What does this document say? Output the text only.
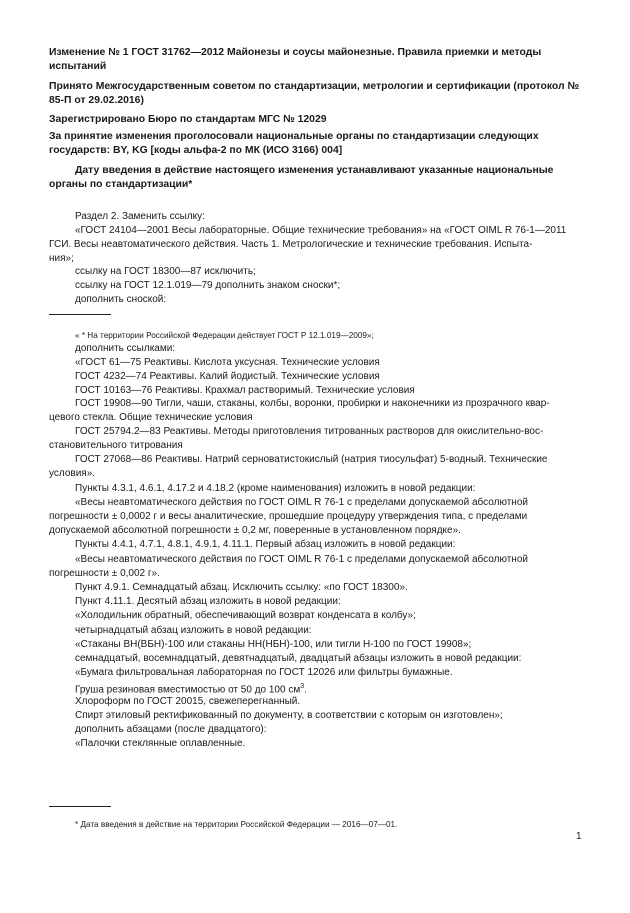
Изменение № 1 ГОСТ 31762—2012 Майонезы и соусы майонезные. Правила приемки и методы испытаний

Принято Межгосударственным советом по стандартизации, метрологии и сертификации (протокол № 85-П от 29.02.2016)

Зарегистрировано Бюро по стандартам МГС № 12029

За принятие изменения проголосовали национальные органы по стандартизации следующих государств: BY, KG [коды альфа-2 по МК (ИСО 3166) 004]

Дату введения в действие настоящего изменения устанавливают указанные национальные органы по стандартизации*

Раздел 2. Заменить ссылку:

«ГОСТ 24104—2001 Весы лабораторные. Общие технические требования» на «ГОСТ OIML R 76-1—2011

ГСИ. Весы неавтоматического действия. Часть 1. Метрологические и технические требования. Испыта-

ния»;

ссылку на ГОСТ 18300—87 исключить;

ссылку на ГОСТ 12.1.019—79 дополнить знаком сноски*;

дополнить сноской:

« * На территории Российской Федерации действует ГОСТ Р 12.1.019—2009»;

дополнить ссылками:

«ГОСТ 61—75 Реактивы. Кислота уксусная. Технические условия

ГОСТ 4232—74 Реактивы. Калий йодистый. Технические условия

ГОСТ 10163—76 Реактивы. Крахмал растворимый. Технические условия

ГОСТ 19908—90 Тигли, чаши, стаканы, колбы, воронки, пробирки и наконечники из прозрачного квар-

цевого стекла. Общие технические условия

ГОСТ 25794.2—83 Реактивы. Методы приготовления титрованных растворов для окислительно-вос-

становительного титрования

ГОСТ 27068—86 Реактивы. Натрий серноватистокислый (натрия тиосульфат) 5-водный. Технические

условия».

Пункты 4.3.1, 4.6.1, 4.17.2 и 4.18.2 (кроме наименования) изложить в новой редакции:

«Весы неавтоматического действия по ГОСТ OIML R 76-1 с пределами допускаемой абсолютной

погрешности ± 0,0002 г и весы аналитические, прошедшие процедуру утверждения типа, с пределами

допускаемой абсолютной погрешности ± 0,2 мг, поверенные в установленном порядке».

Пункты 4.4.1, 4.7.1, 4.8.1, 4.9.1, 4.11.1. Первый абзац изложить в новой редакции:

«Весы неавтоматического действия по ГОСТ OIML R 76-1 с пределами допускаемой абсолютной

погрешности ± 0,002 г».

Пункт 4.9.1. Семнадцатый абзац. Исключить ссылку: «по ГОСТ 18300».

Пункт 4.11.1. Десятый абзац изложить в новой редакции:

«Холодильник обратный, обеспечивающий возврат конденсата в колбу»;

четырнадцатый абзац изложить в новой редакции:

«Стаканы ВН(ВБН)-100 или стаканы НН(НБН)-100, или тигли Н-100 по ГОСТ 19908»;

семнадцатый, восемнадцатый, девятнадцатый, двадцатый абзацы изложить в новой редакции:

«Бумага фильтровальная лабораторная по ГОСТ 12026 или фильтры бумажные.

Груша резиновая вместимостью от 50 до 100 $см^3$.

Хлороформ по ГОСТ 20015, свежеперегнанный.

Спирт этиловый ректификованный по документу, в соответствии с которым он изготовлен»;

дополнить абзацами (после двадцатого):

«Палочки стеклянные оплавленные.

* Дата введения в действие на территории Российской Федерации — 2016—07—01.

1
